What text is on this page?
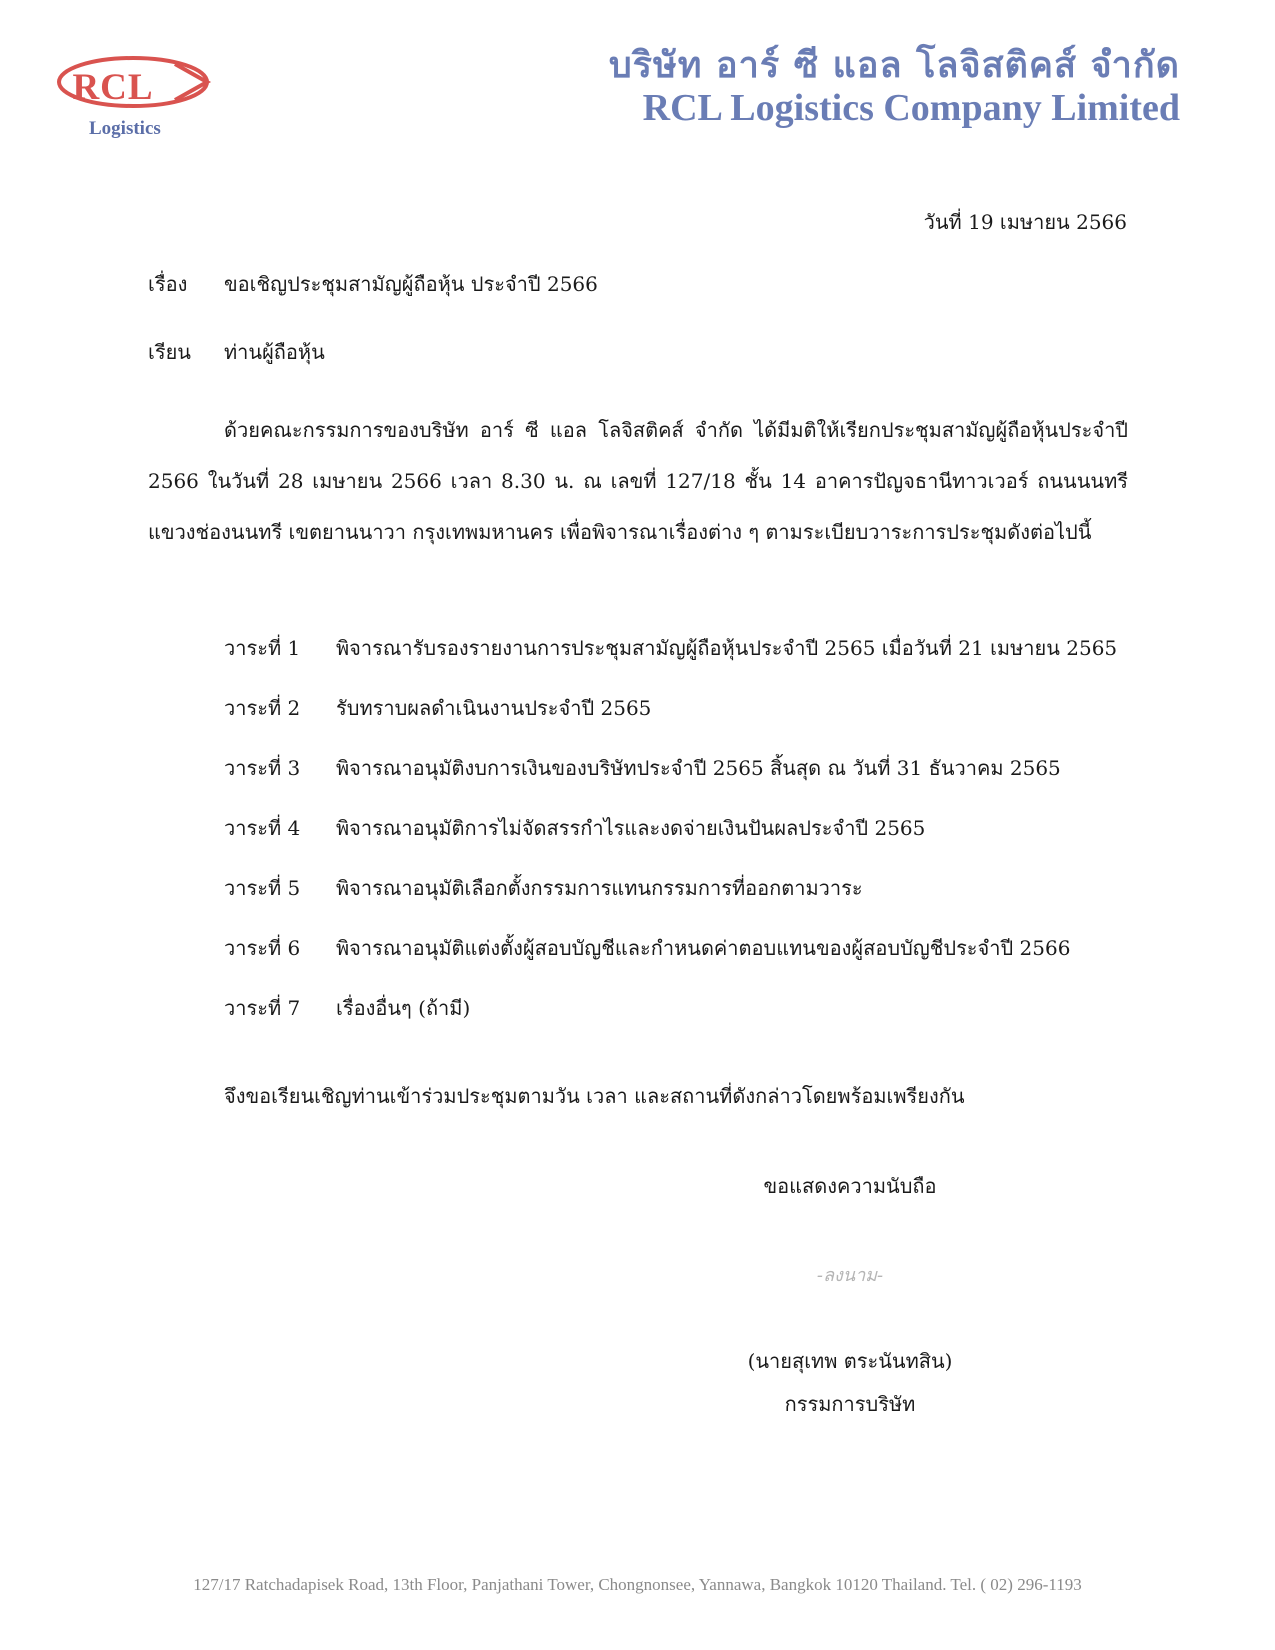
RCL
Logistics
บริษัท อาร์ ซี แอล โลจิสติคส์ จำกัด
RCL Logistics Company Limited
วันที่ 19 เมษายน 2566
เรื่อง ขอเชิญประชุมสามัญผู้ถือหุ้น ประจำปี 2566
เรียน ท่านผู้ถือหุ้น

ด้วยคณะกรรมการของบริษัท อาร์ ซี แอล โลจิสติคส์ จำกัด ได้มีมติให้เรียกประชุมสามัญผู้ถือหุ้นประจำปี 2566 ในวันที่ 28 เมษายน 2566 เวลา 8.30 น. ณ เลขที่ 127/18 ชั้น 14 อาคารปัญจธานีทาวเวอร์ ถนนนนทรี แขวงช่องนนทรี เขตยานนาวา กรุงเทพมหานคร เพื่อพิจารณาเรื่องต่าง ๆ ตามระเบียบวาระการประชุมดังต่อไปนี้

วาระที่ 1 พิจารณารับรองรายงานการประชุมสามัญผู้ถือหุ้นประจำปี 2565 เมื่อวันที่ 21 เมษายน 2565
วาระที่ 2 รับทราบผลดำเนินงานประจำปี 2565
วาระที่ 3 พิจารณาอนุมัติงบการเงินของบริษัทประจำปี 2565 สิ้นสุด ณ วันที่ 31 ธันวาคม 2565
วาระที่ 4 พิจารณาอนุมัติการไม่จัดสรรกำไรและงดจ่ายเงินปันผลประจำปี 2565
วาระที่ 5 พิจารณาอนุมัติเลือกตั้งกรรมการแทนกรรมการที่ออกตามวาระ
วาระที่ 6 พิจารณาอนุมัติแต่งตั้งผู้สอบบัญชีและกำหนดค่าตอบแทนของผู้สอบบัญชีประจำปี 2566
วาระที่ 7 เรื่องอื่นๆ (ถ้ามี)
จึงขอเรียนเชิญท่านเข้าร่วมประชุมตามวัน เวลา และสถานที่ดังกล่าวโดยพร้อมเพรียงกัน
ขอแสดงความนับถือ
-ลงนาม-
(นายสุเทพ ตระนันทสิน)
กรรมการบริษัท
127/17 Ratchadapisek Road, 13th Floor, Panjathani Tower, Chongnonsee, Yannawa, Bangkok 10120 Thailand. Tel. ( 02) 296-1193
